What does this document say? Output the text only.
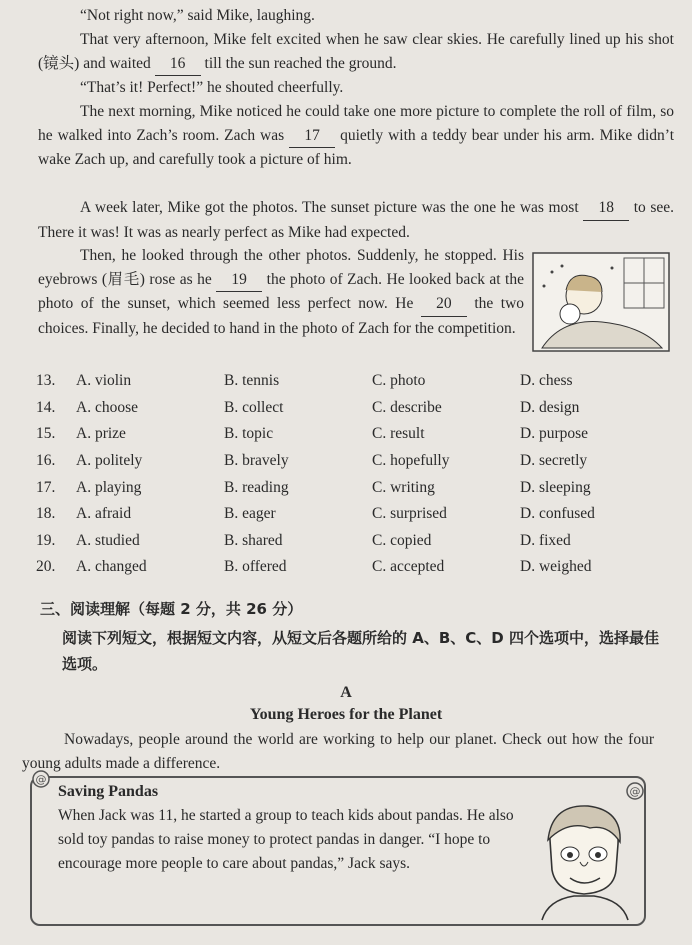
“Not right now,” said Mike, laughing.

That very afternoon, Mike felt excited when he saw clear skies. He carefully lined up his shot (镜头) and waited 16 till the sun reached the ground.

“That’s it! Perfect!” he shouted cheerfully.

The next morning, Mike noticed he could take one more picture to complete the roll of film, so he walked into Zach’s room. Zach was 17 quietly with a teddy bear under his arm. Mike didn’t wake Zach up, and carefully took a picture of him.

A week later, Mike got the photos. The sunset picture was the one he was most 18 to see. There it was! It was as nearly perfect as Mike had expected.

Then, he looked through the other photos. Suddenly, he stopped. His eyebrows (眉毛) rose as he 19 the photo of Zach. He looked back at the photo of the sunset, which seemed less perfect now. He 20 the two choices. Finally, he decided to hand in the photo of Zach for the competition.

13.	A. violin	B. tennis	C. photo	D. chess
14.	A. choose	B. collect	C. describe	D. design
15.	A. prize	B. topic	C. result	D. purpose
16.	A. politely	B. bravely	C. hopefully	D. secretly
17.	A. playing	B. reading	C. writing	D. sleeping
18.	A. afraid	B. eager	C. surprised	D. confused
19.	A. studied	B. shared	C. copied	D. fixed
20.	A. changed	B. offered	C. accepted	D. weighed
三、阅读理解（每题 2 分，共 26 分）

阅读下列短文，根据短文内容，从短文后各题所给的 A、B、C、D 四个选项中，选择最佳选项。

A
Young Heroes for the Planet

Nowadays, people around the world are working to help our planet. Check out how the four young adults made a difference.

@
@
Saving Pandas

When Jack was 11, he started a group to teach kids about pandas. He also sold toy pandas to raise money to protect pandas in danger. “I hope to encourage more people to care about pandas,” Jack says.
